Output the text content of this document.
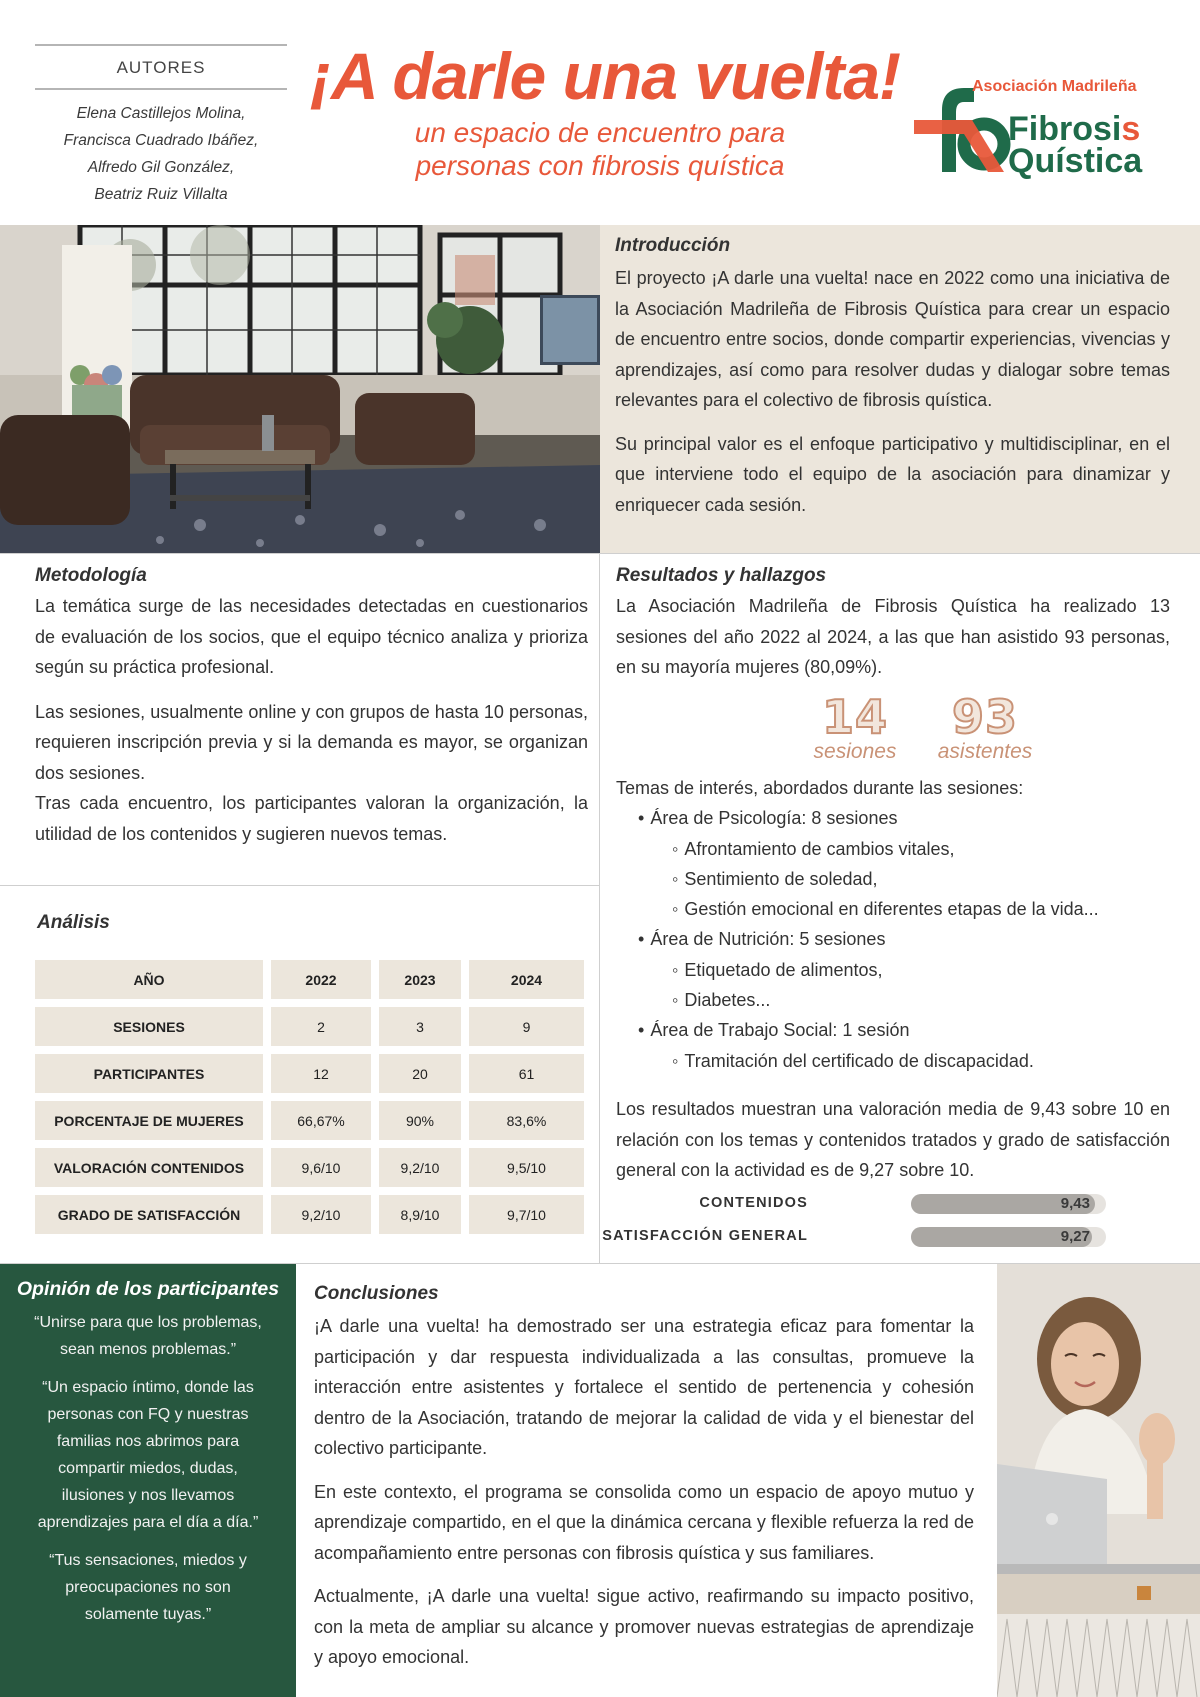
AUTORES
Elena Castillejos Molina,
Francisca Cuadrado Ibáñez,
Alfredo Gil González,
Beatriz Ruiz Villalta
¡A darle una vuelta!
un espacio de encuentro para
personas con fibrosis quística
Asociación Madrileña
Fibrosis
Quística
Introducción

El proyecto ¡A darle una vuelta! nace en 2022 como una iniciativa de la Asociación Madrileña de Fibrosis Quística para crear un espacio de encuentro entre socios, donde compartir experiencias, vivencias y aprendizajes, así como para resolver dudas y dialogar sobre temas relevantes para el colectivo de fibrosis quística.

Su principal valor es el enfoque participativo y multidisciplinar, en el que interviene todo el equipo de la asociación para dinamizar y enriquecer cada sesión.

Metodología

La temática surge de las necesidades detectadas en cuestionarios de evaluación de los socios, que el equipo técnico analiza y prioriza según su práctica profesional.

Las sesiones, usualmente online y con grupos de hasta 10 personas, requieren inscripción previa y si la demanda es mayor, se organizan dos sesiones.

Tras cada encuentro, los participantes valoran la organización, la utilidad de los contenidos y sugieren nuevos temas.

Análisis
AÑO	2022	2023	2024
SESIONES	2	3	9
PARTICIPANTES	12	20	61
PORCENTAJE DE MUJERES	66,67%	90%	83,6%
VALORACIÓN CONTENIDOS	9,6/10	9,2/10	9,5/10
GRADO DE SATISFACCIÓN	9,2/10	8,9/10	9,7/10
Resultados y hallazgos

La Asociación Madrileña de Fibrosis Quística ha realizado 13 sesiones del año 2022 al 2024, a las que han asistido 93 personas, en su mayoría mujeres (80,09%).

14
sesiones
93
asistentes
Temas de interés, abordados durante las sesiones:
• Área de Psicología: 8 sesiones
◦ Afrontamiento de cambios vitales,
◦ Sentimiento de soledad,
◦ Gestión emocional en diferentes etapas de la vida...
• Área de Nutrición: 5 sesiones
◦ Etiquetado de alimentos,
◦ Diabetes...
• Área de Trabajo Social: 1 sesión
◦ Tramitación del certificado de discapacidad.

Los resultados muestran una valoración media de 9,43 sobre 10 en relación con los temas y contenidos tratados y grado de satisfacción general con la actividad es de 9,27 sobre 10.

CONTENIDOS	9,43
SATISFACCIÓN GENERAL	9,27
Opinión de los participantes

“Unirse para que los problemas, sean menos problemas.”

“Un espacio íntimo, donde las personas con FQ y nuestras familias nos abrimos para compartir miedos, dudas, ilusiones y nos llevamos aprendizajes para el día a día.”

“Tus sensaciones, miedos y preocupaciones no son solamente tuyas.”

Conclusiones

¡A darle una vuelta! ha demostrado ser una estrategia eficaz para fomentar la participación y dar respuesta individualizada a las consultas, promueve la interacción entre asistentes y fortalece el sentido de pertenencia y cohesión dentro de la Asociación, tratando de mejorar la calidad de vida y el bienestar del colectivo participante.

En este contexto, el programa se consolida como un espacio de apoyo mutuo y aprendizaje compartido, en el que la dinámica cercana y flexible refuerza la red de acompañamiento entre personas con fibrosis quística y sus familiares.

Actualmente, ¡A darle una vuelta! sigue activo, reafirmando su impacto positivo, con la meta de ampliar su alcance y promover nuevas estrategias de aprendizaje y apoyo emocional.
